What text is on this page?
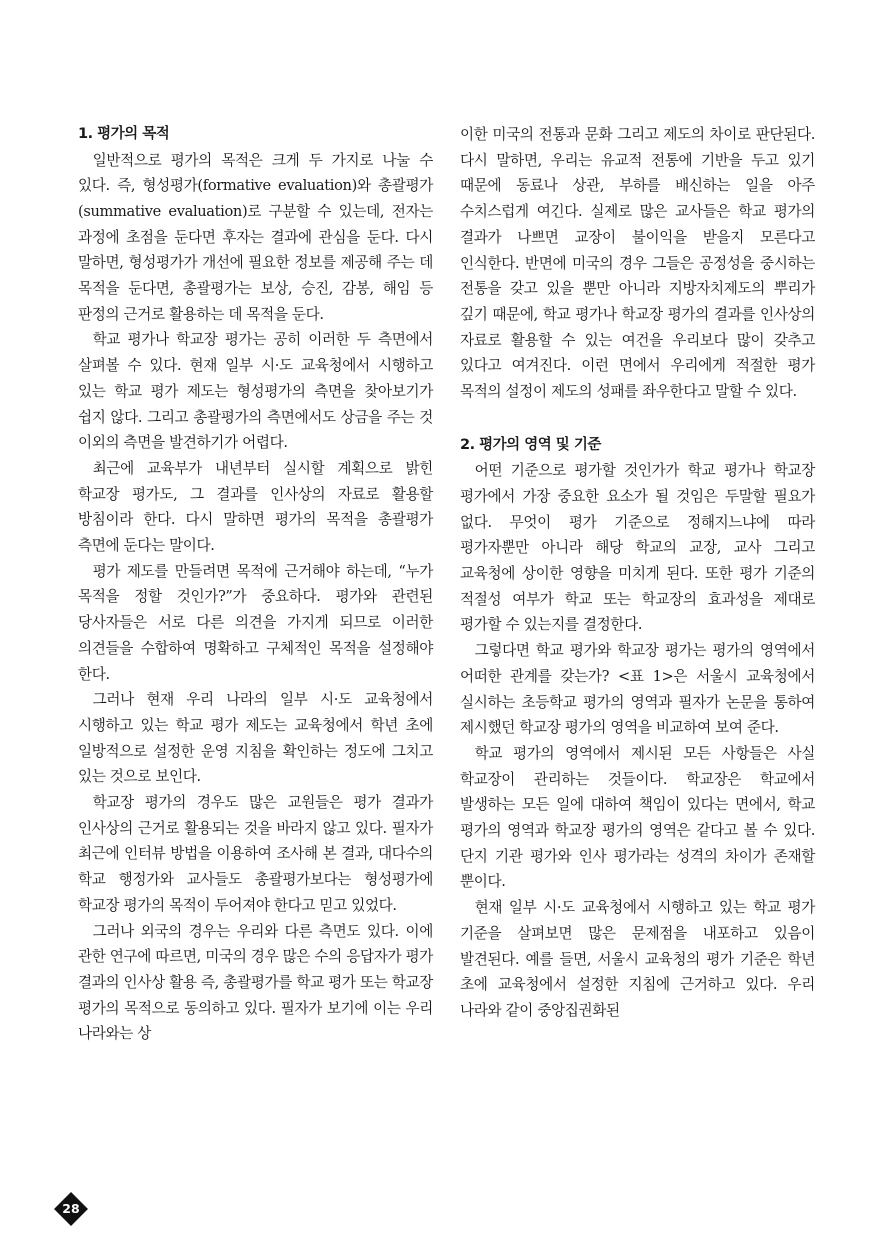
1. 평가의 목적

일반적으로 평가의 목적은 크게 두 가지로 나눌 수 있다. 즉, 형성평가(formative evaluation)와 총괄평가(summative evaluation)로 구분할 수 있는데, 전자는 과정에 초점을 둔다면 후자는 결과에 관심을 둔다. 다시 말하면, 형성평가가 개선에 필요한 정보를 제공해 주는 데 목적을 둔다면, 총괄평가는 보상, 승진, 감봉, 해임 등 판정의 근거로 활용하는 데 목적을 둔다.

학교 평가나 학교장 평가는 공히 이러한 두 측면에서 살펴볼 수 있다. 현재 일부 시·도 교육청에서 시행하고 있는 학교 평가 제도는 형성평가의 측면을 찾아보기가 쉽지 않다. 그리고 총괄평가의 측면에서도 상금을 주는 것 이외의 측면을 발견하기가 어렵다.

최근에 교육부가 내년부터 실시할 계획으로 밝힌 학교장 평가도, 그 결과를 인사상의 자료로 활용할 방침이라 한다. 다시 말하면 평가의 목적을 총괄평가 측면에 둔다는 말이다.

평가 제도를 만들려면 목적에 근거해야 하는데, “누가 목적을 정할 것인가?”가 중요하다. 평가와 관련된 당사자들은 서로 다른 의견을 가지게 되므로 이러한 의견들을 수합하여 명확하고 구체적인 목적을 설정해야 한다.

그러나 현재 우리 나라의 일부 시·도 교육청에서 시행하고 있는 학교 평가 제도는 교육청에서 학년 초에 일방적으로 설정한 운영 지침을 확인하는 정도에 그치고 있는 것으로 보인다.

학교장 평가의 경우도 많은 교원들은 평가 결과가 인사상의 근거로 활용되는 것을 바라지 않고 있다. 필자가 최근에 인터뷰 방법을 이용하여 조사해 본 결과, 대다수의 학교 행정가와 교사들도 총괄평가보다는 형성평가에 학교장 평가의 목적이 두어져야 한다고 믿고 있었다.

그러나 외국의 경우는 우리와 다른 측면도 있다. 이에 관한 연구에 따르면, 미국의 경우 많은 수의 응답자가 평가 결과의 인사상 활용 즉, 총괄평가를 학교 평가 또는 학교장 평가의 목적으로 동의하고 있다. 필자가 보기에 이는 우리 나라와는 상

이한 미국의 전통과 문화 그리고 제도의 차이로 판단된다. 다시 말하면, 우리는 유교적 전통에 기반을 두고 있기 때문에 동료나 상관, 부하를 배신하는 일을 아주 수치스럽게 여긴다. 실제로 많은 교사들은 학교 평가의 결과가 나쁘면 교장이 불이익을 받을지 모른다고 인식한다. 반면에 미국의 경우 그들은 공정성을 중시하는 전통을 갖고 있을 뿐만 아니라 지방자치제도의 뿌리가 깊기 때문에, 학교 평가나 학교장 평가의 결과를 인사상의 자료로 활용할 수 있는 여건을 우리보다 많이 갖추고 있다고 여겨진다. 이런 면에서 우리에게 적절한 평가 목적의 설정이 제도의 성패를 좌우한다고 말할 수 있다.

2. 평가의 영역 및 기준

어떤 기준으로 평가할 것인가가 학교 평가나 학교장 평가에서 가장 중요한 요소가 될 것임은 두말할 필요가 없다. 무엇이 평가 기준으로 정해지느냐에 따라 평가자뿐만 아니라 해당 학교의 교장, 교사 그리고 교육청에 상이한 영향을 미치게 된다. 또한 평가 기준의 적절성 여부가 학교 또는 학교장의 효과성을 제대로 평가할 수 있는지를 결정한다.

그렇다면 학교 평가와 학교장 평가는 평가의 영역에서 어떠한 관계를 갖는가? <표 1>은 서울시 교육청에서 실시하는 초등학교 평가의 영역과 필자가 논문을 통하여 제시했던 학교장 평가의 영역을 비교하여 보여 준다.

학교 평가의 영역에서 제시된 모든 사항들은 사실 학교장이 관리하는 것들이다. 학교장은 학교에서 발생하는 모든 일에 대하여 책임이 있다는 면에서, 학교 평가의 영역과 학교장 평가의 영역은 같다고 볼 수 있다. 단지 기관 평가와 인사 평가라는 성격의 차이가 존재할 뿐이다.

현재 일부 시·도 교육청에서 시행하고 있는 학교 평가 기준을 살펴보면 많은 문제점을 내포하고 있음이 발견된다. 예를 들면, 서울시 교육청의 평가 기준은 학년 초에 교육청에서 설정한 지침에 근거하고 있다. 우리 나라와 같이 중앙집권화된

28
